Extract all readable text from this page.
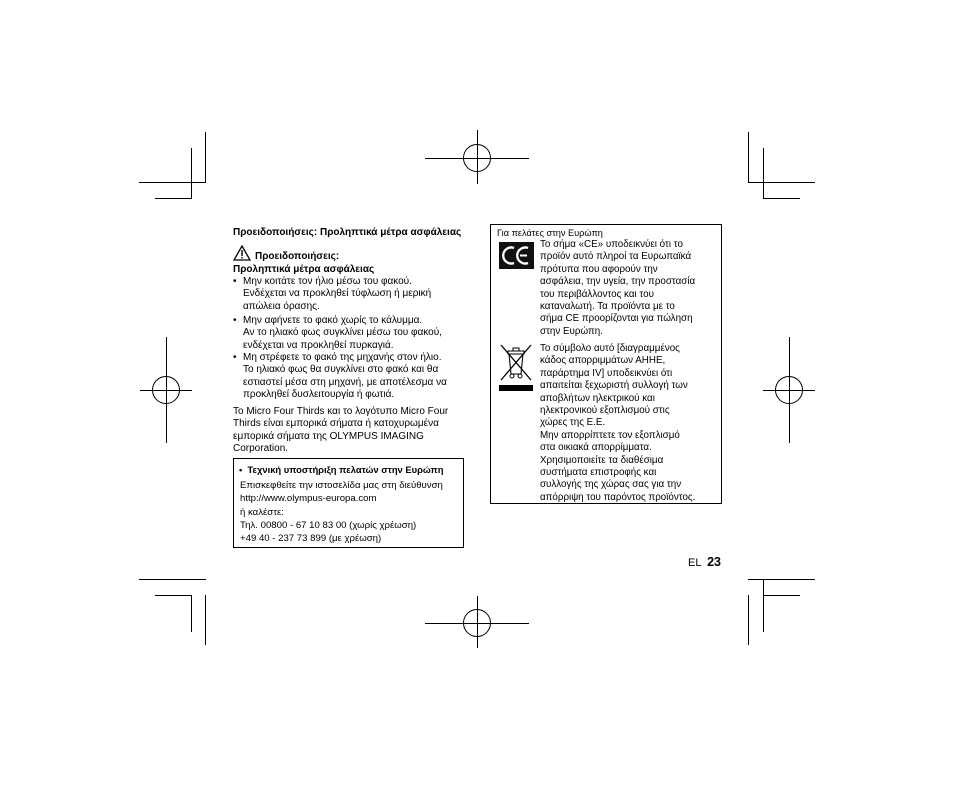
Προειδοποιήσεις: Προληπτικά μέτρα ασφάλειας
Προειδοποιήσεις:
Προληπτικά μέτρα ασφάλειας
• Μην κοιτάτε τον ήλιο μέσω του φακού.
Ενδέχεται να προκληθεί τύφλωση ή μερική
απώλεια όρασης.
• Μην αφήνετε το φακό χωρίς το κάλυμμα.
Αν το ηλιακό φως συγκλίνει μέσω του φακού,
ενδέχεται να προκληθεί πυρκαγιά.
• Μη στρέφετε το φακό της μηχανής στον ήλιο.
Το ηλιακό φως θα συγκλίνει στο φακό και θα
εστιαστεί μέσα στη μηχανή, με αποτέλεσμα να
προκληθεί δυσλειτουργία ή φωτιά.
Το Micro Four Thirds και το λογότυπο Micro Four
Thirds είναι εμπορικά σήματα ή κατοχυρωμένα
εμπορικά σήματα της OLYMPUS IMAGING
Corporation.
•  Τεχνική υποστήριξη πελατών στην Ευρώπη
Επισκεφθείτε την ιστοσελίδα μας στη διεύθυνση
http://www.olympus-europa.com
ή καλέστε:
Τηλ. 00800 - 67 10 83 00 (χωρίς χρέωση)
+49 40 - 237 73 899 (με χρέωση)
Για πελάτες στην Ευρώπη
Το σήμα «CE» υποδεικνύει ότι το
προϊόν αυτό πληροί τα Ευρωπαϊκά
πρότυπα που αφορούν την
ασφάλεια, την υγεία, την προστασία
του περιβάλλοντος και του
καταναλωτή. Τα προϊόντα με το
σήμα CE προορίζονται για πώληση
στην Ευρώπη.
Το σύμβολο αυτό [διαγραμμένος
κάδος απορριμμάτων ΑΗΗΕ,
παράρτημα IV] υποδεικνύει ότι
απαιτείται ξεχωριστή συλλογή των
αποβλήτων ηλεκτρικού και
ηλεκτρονικού εξοπλισμού στις
χώρες της Ε.Ε.
Μην απορρίπτετε τον εξοπλισμό
στα οικιακά απορρίμματα.
Χρησιμοποιείτε τα διαθέσιμα
συστήματα επιστροφής και
συλλογής της χώρας σας για την
απόρριψη του παρόντος προϊόντος.
EL 23
